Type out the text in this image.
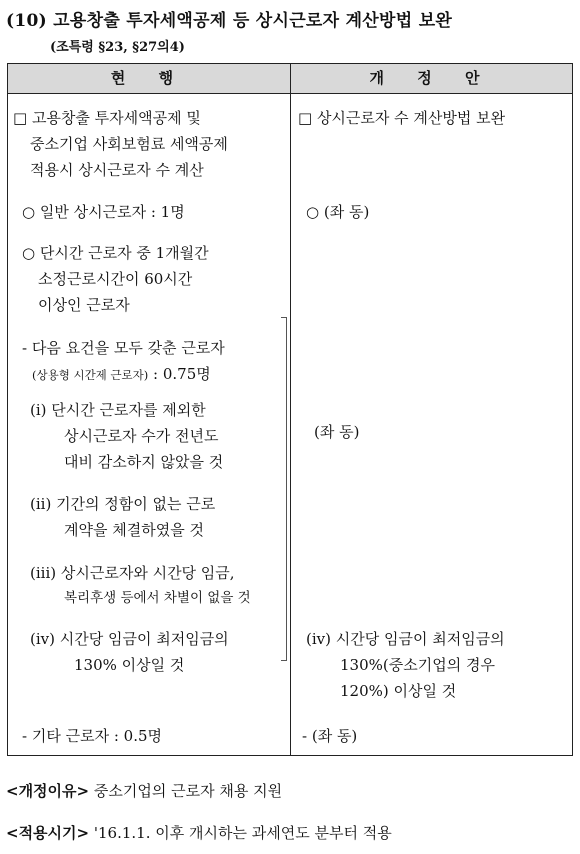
(10) 고용창출 투자세액공제 등 상시근로자 계산방법 보완
(조특령 §23, §27의4)
현 행	개 정 안
□ 고용창출 투자세액공제 및
중소기업 사회보험료 세액공제
적용시 상시근로자 수 계산
○ 일반 상시근로자 : 1명
○ 단시간 근로자 중 1개월간
소정근로시간이 60시간
이상인 근로자
- 다음 요건을 모두 갖춘 근로자
(상용형 시간제 근로자) : 0.75명
(i) 단시간 근로자를 제외한
상시근로자 수가 전년도
대비 감소하지 않았을 것
(ii) 기간의 정함이 없는 근로
계약을 체결하였을 것
(iii) 상시근로자와 시간당 임금,
복리후생 등에서 차별이 없을 것
(iv) 시간당 임금이 최저임금의
130% 이상일 것
- 기타 근로자 : 0.5명
□ 상시근로자 수 계산방법 보완
○ (좌 동)
(좌 동)
(iv) 시간당 임금이 최저임금의
130%(중소기업의 경우
120%) 이상일 것
- (좌 동)
<개정이유> 중소기업의 근로자 채용 지원
<적용시기> '16.1.1. 이후 개시하는 과세연도 분부터 적용
